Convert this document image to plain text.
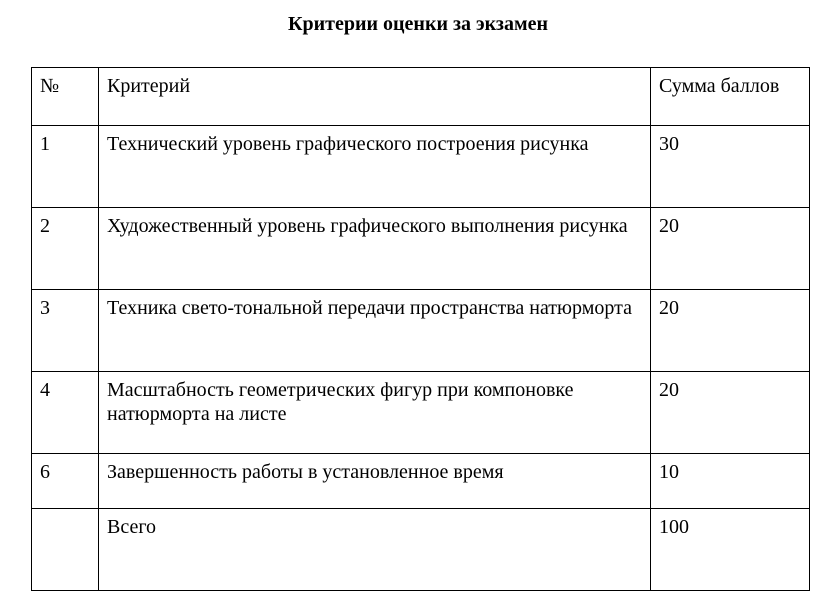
Критерии оценки за экзамен
№	Критерий	Сумма баллов
1	Технический уровень графического построения рисунка	30
2	Художественный уровень графического выполнения рисунка	20
3	Техника свето-тональной передачи пространства натюрморта	20
4	Масштабность геометрических фигур при компоновке натюрморта на листе	20
6	Завершенность работы в установленное время	10
	Всего	100
